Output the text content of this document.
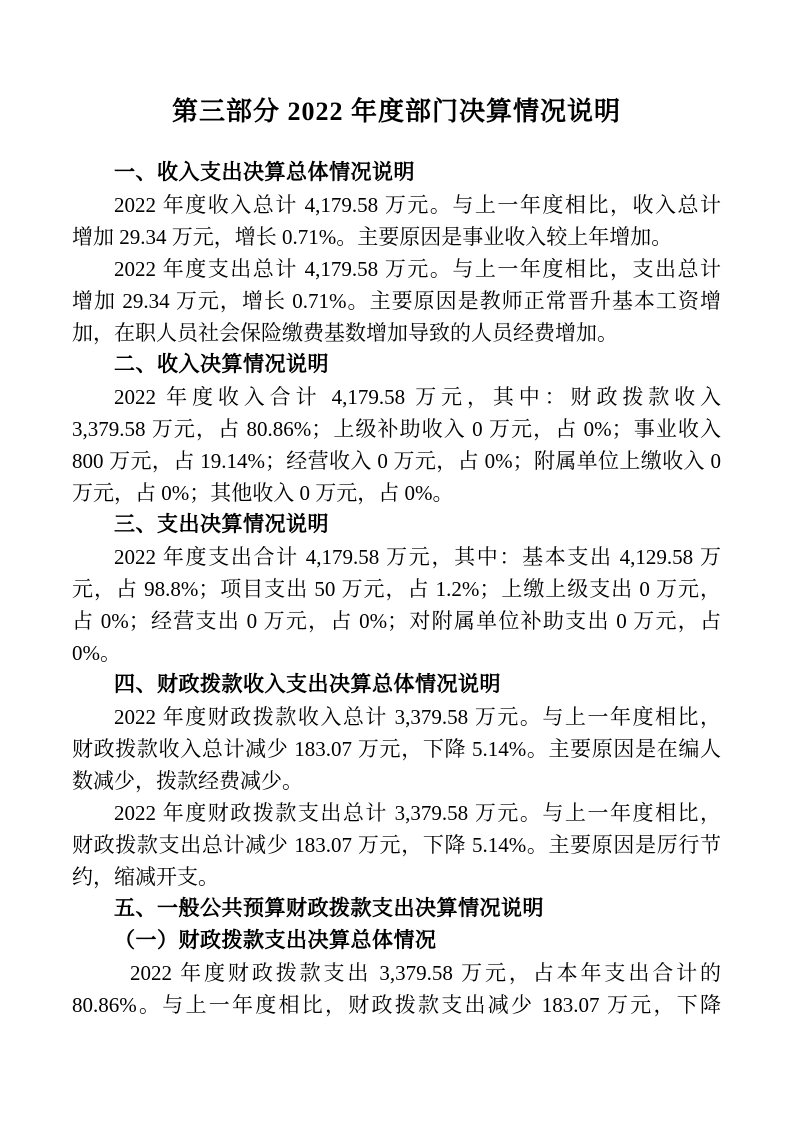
第三部分 2022 年度部门决算情况说明
一、收入支出决算总体情况说明
2022 年度收入总计 4,179.58 万元。与上一年度相比，收入总计
增加 29.34 万元，增长 0.71%。主要原因是事业收入较上年增加。
2022 年度支出总计 4,179.58 万元。与上一年度相比，支出总计
增加 29.34 万元，增长 0.71%。主要原因是教师正常晋升基本工资增
加，在职人员社会保险缴费基数增加导致的人员经费增加。
二、收入决算情况说明
2022 年度收入合计 4,179.58 万元，其中：财政拨款收入
3,379.58 万元，占 80.86%；上级补助收入 0 万元，占 0%；事业收入
800 万元，占 19.14%；经营收入 0 万元，占 0%；附属单位上缴收入 0
万元，占 0%；其他收入 0 万元，占 0%。
三、支出决算情况说明
2022 年度支出合计 4,179.58 万元，其中：基本支出 4,129.58 万
元，占 98.8%；项目支出 50 万元，占 1.2%；上缴上级支出 0 万元，
占 0%；经营支出 0 万元，占 0%；对附属单位补助支出 0 万元，占
0%。
四、财政拨款收入支出决算总体情况说明
2022 年度财政拨款收入总计 3,379.58 万元。与上一年度相比，
财政拨款收入总计减少 183.07 万元，下降 5.14%。主要原因是在编人
数减少，拨款经费减少。
2022 年度财政拨款支出总计 3,379.58 万元。与上一年度相比，
财政拨款支出总计减少 183.07 万元，下降 5.14%。主要原因是厉行节
约，缩减开支。
五、一般公共预算财政拨款支出决算情况说明
（一）财政拨款支出决算总体情况
2022 年度财政拨款支出 3,379.58 万元，占本年支出合计的
80.86%。与上一年度相比，财政拨款支出减少 183.07 万元，下降
